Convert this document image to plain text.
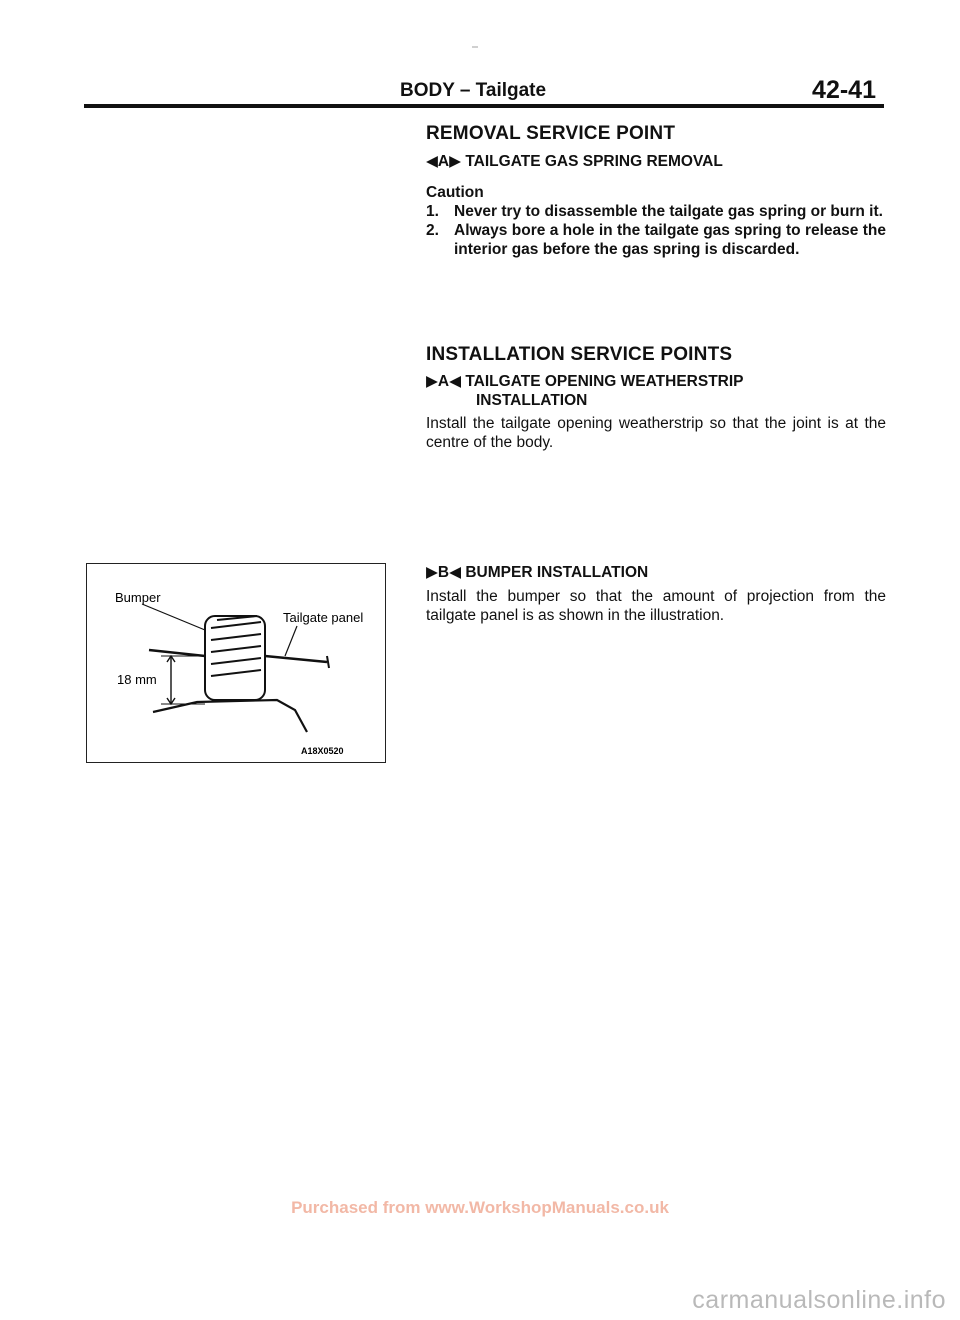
BODY – Tailgate	42-41
REMOVAL SERVICE POINT
◀A▶ TAILGATE GAS SPRING REMOVAL
Caution
1. Never try to disassemble the tailgate gas spring or burn it.
2. Always bore a hole in the tailgate gas spring to release the interior gas before the gas spring is discarded.
INSTALLATION SERVICE POINTS
▶A◀ TAILGATE OPENING WEATHERSTRIP
INSTALLATION
Install the tailgate opening weatherstrip so that the joint is at the centre of the body.
▶B◀ BUMPER INSTALLATION
Install the bumper so that the amount of projection from the tailgate panel is as shown in the illustration.
Bumper
Tailgate panel
18 mm
A18X0520
Purchased from www.WorkshopManuals.co.uk
carmanualsonline.info
